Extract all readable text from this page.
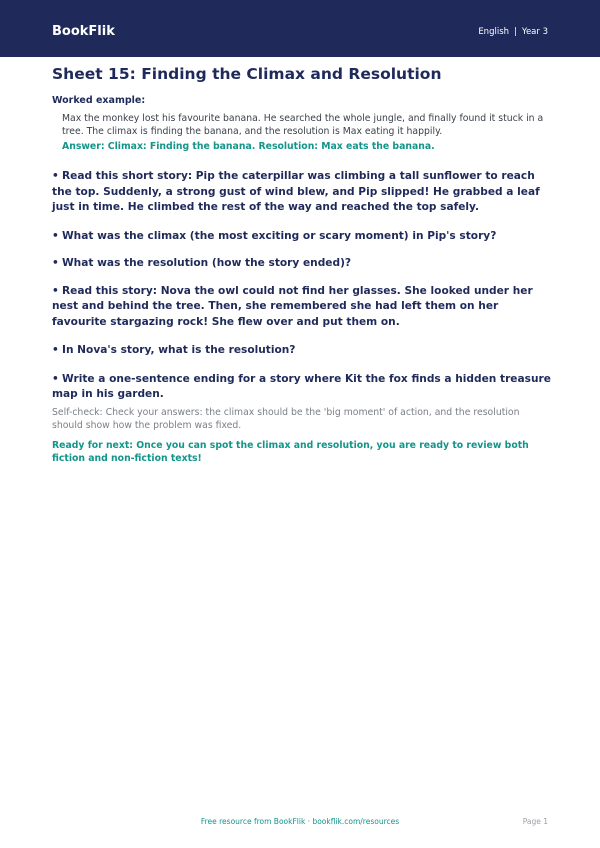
BookFlik	English | Year 3
Sheet 15: Finding the Climax and Resolution

Worked example:

Max the monkey lost his favourite banana. He searched the whole jungle, and finally found it stuck in a tree. The climax is finding the banana, and the resolution is Max eating it happily.

Answer: Climax: Finding the banana. Resolution: Max eats the banana.

• Read this short story: Pip the caterpillar was climbing a tall sunflower to reach the top. Suddenly, a strong gust of wind blew, and Pip slipped! He grabbed a leaf just in time. He climbed the rest of the way and reached the top safely.

• What was the climax (the most exciting or scary moment) in Pip's story?

• What was the resolution (how the story ended)?

• Read this story: Nova the owl could not find her glasses. She looked under her nest and behind the tree. Then, she remembered she had left them on her favourite stargazing rock! She flew over and put them on.

• In Nova's story, what is the resolution?

• Write a one-sentence ending for a story where Kit the fox finds a hidden treasure map in his garden.

Self-check: Check your answers: the climax should be the 'big moment' of action, and the resolution should show how the problem was fixed.

Ready for next: Once you can spot the climax and resolution, you are ready to review both fiction and non-fiction texts!

Free resource from BookFlik · bookflik.com/resources	Page 1
